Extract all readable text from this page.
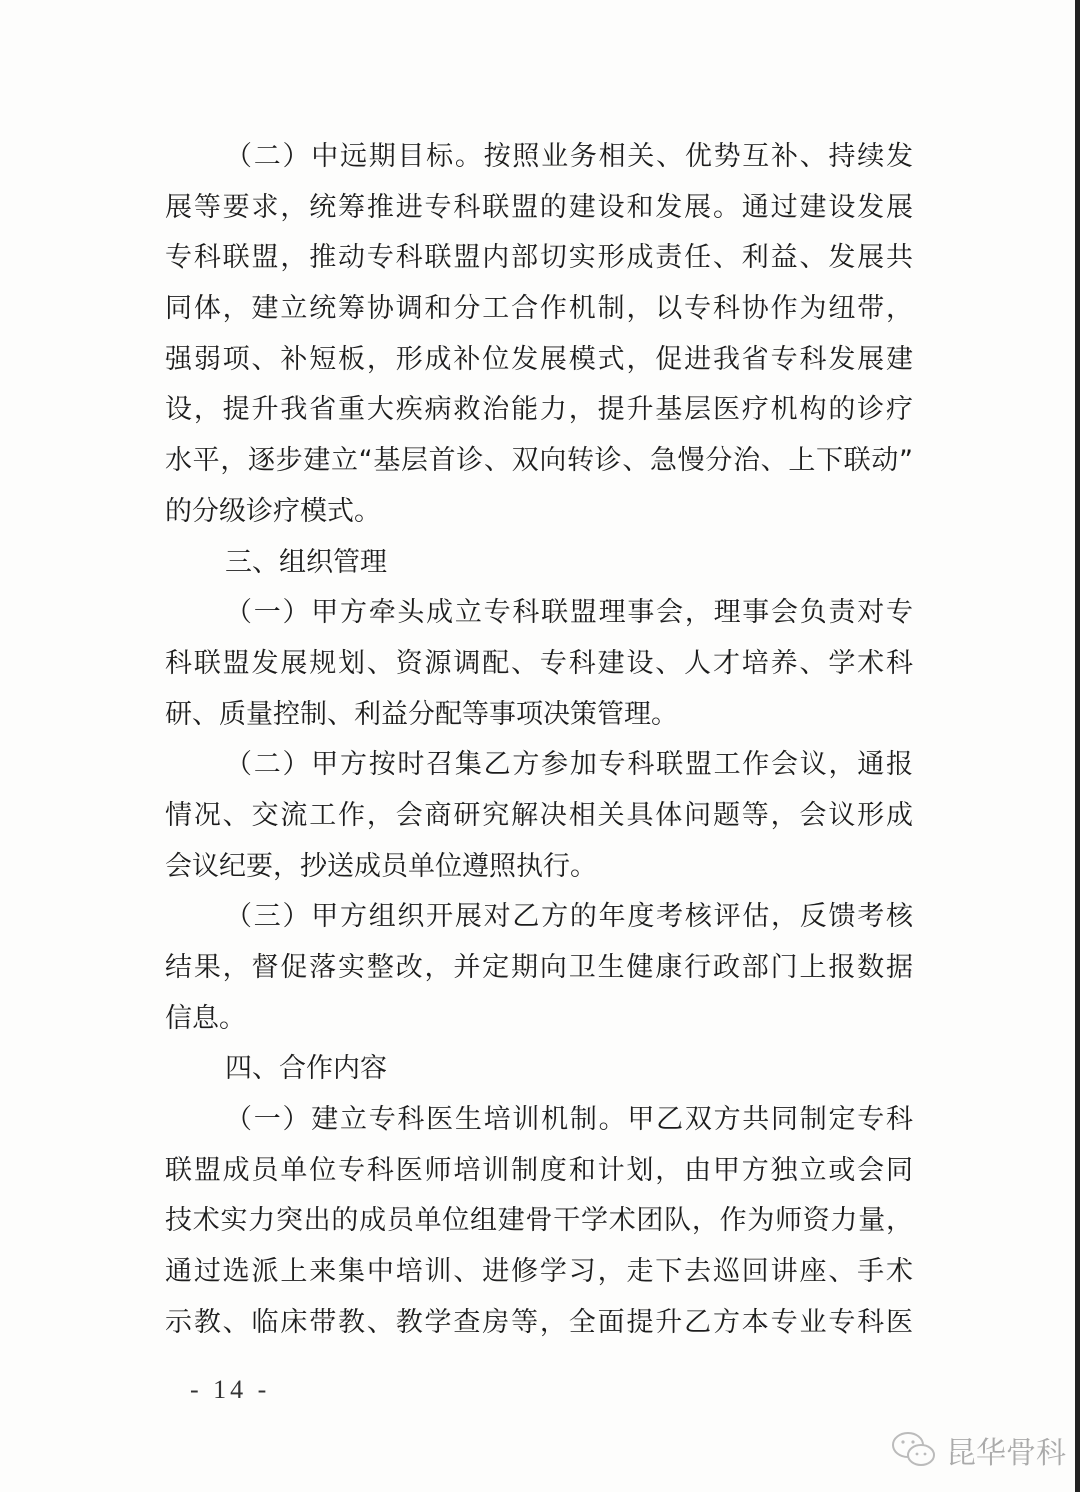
（二）中远期目标。按照业务相关、优势互补、持续发
展等要求，统筹推进专科联盟的建设和发展。通过建设发展
专科联盟，推动专科联盟内部切实形成责任、利益、发展共
同体，建立统筹协调和分工合作机制，以专科协作为纽带，
强弱项、补短板，形成补位发展模式，促进我省专科发展建
设，提升我省重大疾病救治能力，提升基层医疗机构的诊疗
水平，逐步建立“基层首诊、双向转诊、急慢分治、上下联动”
的分级诊疗模式。
三、组织管理
（一）甲方牵头成立专科联盟理事会，理事会负责对专
科联盟发展规划、资源调配、专科建设、人才培养、学术科
研、质量控制、利益分配等事项决策管理。
（二）甲方按时召集乙方参加专科联盟工作会议，通报
情况、交流工作，会商研究解决相关具体问题等，会议形成
会议纪要，抄送成员单位遵照执行。
（三）甲方组织开展对乙方的年度考核评估，反馈考核
结果，督促落实整改，并定期向卫生健康行政部门上报数据
信息。
四、合作内容
（一）建立专科医生培训机制。甲乙双方共同制定专科
联盟成员单位专科医师培训制度和计划，由甲方独立或会同
技术实力突出的成员单位组建骨干学术团队，作为师资力量，
通过选派上来集中培训、进修学习，走下去巡回讲座、手术
示教、临床带教、教学查房等，全面提升乙方本专业专科医
- 14 -
昆华骨科
